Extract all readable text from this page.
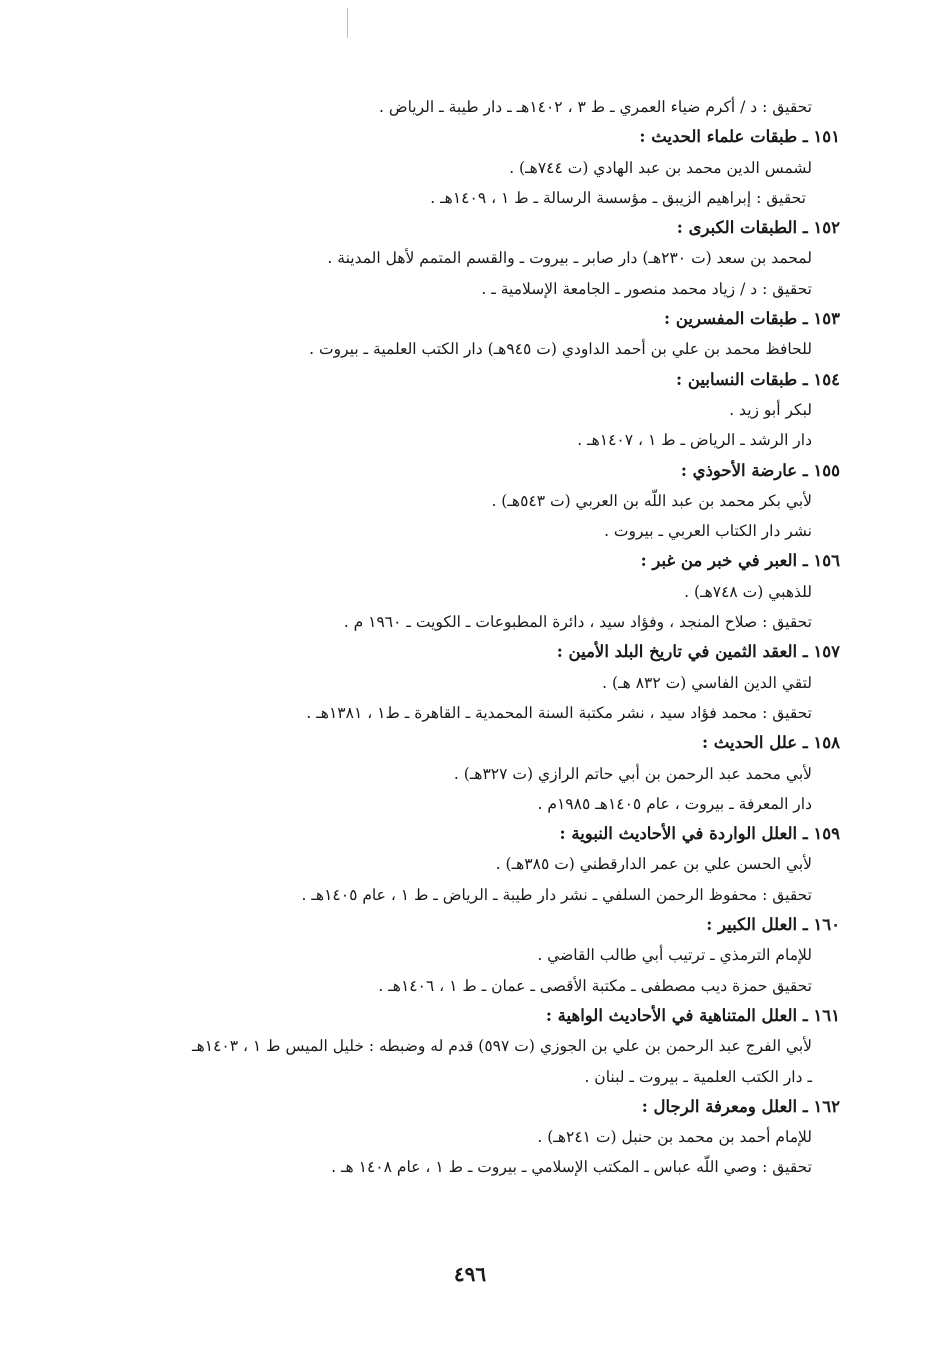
تحقيق : د / أكرم ضياء العمري ـ ط ٣ ، ١٤٠٢هـ ـ دار طيبة ـ الرياض .
١٥١ ـ طبقات علماء الحديث :
لشمس الدين محمد بن عبد الهادي (ت ٧٤٤هـ) .
تحقيق : إبراهيم الزيبق ـ مؤسسة الرسالة ـ ط ١ ، ١٤٠٩هـ .
١٥٢ ـ الطبقات الكبرى :
لمحمد بن سعد (ت ٢٣٠هـ) دار صابر ـ بيروت ـ والقسم المتمم لأهل المدينة .
تحقيق : د / زياد محمد منصور ـ الجامعة الإسلامية ـ .
١٥٣ ـ طبقات المفسرين :
للحافظ محمد بن علي بن أحمد الداودي (ت ٩٤٥هـ) دار الكتب العلمية ـ بيروت .
١٥٤ ـ طبقات النسابين :
لبكر أبو زيد .
دار الرشد ـ الرياض ـ ط ١ ، ١٤٠٧هـ .
١٥٥ ـ عارضة الأحوذي :
لأبي بكر محمد بن عبد اللّه بن العربي (ت ٥٤٣هـ) .
نشر دار الكتاب العربي ـ بيروت .
١٥٦ ـ العبر في خبر من غبر :
للذهبي (ت ٧٤٨هـ) .
تحقيق : صلاح المنجد ، وفؤاد سيد ، دائرة المطبوعات ـ الكويت ـ ١٩٦٠ م .
١٥٧ ـ العقد الثمين في تاريخ البلد الأمين :
لتقي الدين الفاسي (ت ٨٣٢ هـ) .
تحقيق : محمد فؤاد سيد ، نشر مكتبة السنة المحمدية ـ القاهرة ـ ط١ ، ١٣٨١هـ .
١٥٨ ـ علل الحديث :
لأبي محمد عبد الرحمن بن أبي حاتم الرازي (ت ٣٢٧هـ) .
دار المعرفة ـ بيروت ، عام ١٤٠٥هـ ١٩٨٥م .
١٥٩ ـ العلل الواردة في الأحاديث النبوية :
لأبي الحسن علي بن عمر الدارقطني (ت ٣٨٥هـ) .
تحقيق : محفوظ الرحمن السلفي ـ نشر دار طيبة ـ الرياض ـ ط ١ ، عام ١٤٠٥هـ .
١٦٠ ـ العلل الكبير :
للإمام الترمذي ـ ترتيب أبي طالب القاضي .
تحقيق حمزة ديب مصطفى ـ مكتبة الأقصى ـ عمان ـ ط ١ ، ١٤٠٦هـ .
١٦١ ـ العلل المتناهية في الأحاديث الواهية :
لأبي الفرج عبد الرحمن بن علي بن الجوزي (ت ٥٩٧) قدم له وضبطه : خليل الميس ط ١ ، ١٤٠٣هـ
ـ دار الكتب العلمية ـ بيروت ـ لبنان .
١٦٢ ـ العلل ومعرفة الرجال :
للإمام أحمد بن محمد بن حنبل (ت ٢٤١هـ) .
تحقيق : وصي اللّه عباس ـ المكتب الإسلامي ـ بيروت ـ ط ١ ، عام ١٤٠٨ هـ .
٤٩٦
